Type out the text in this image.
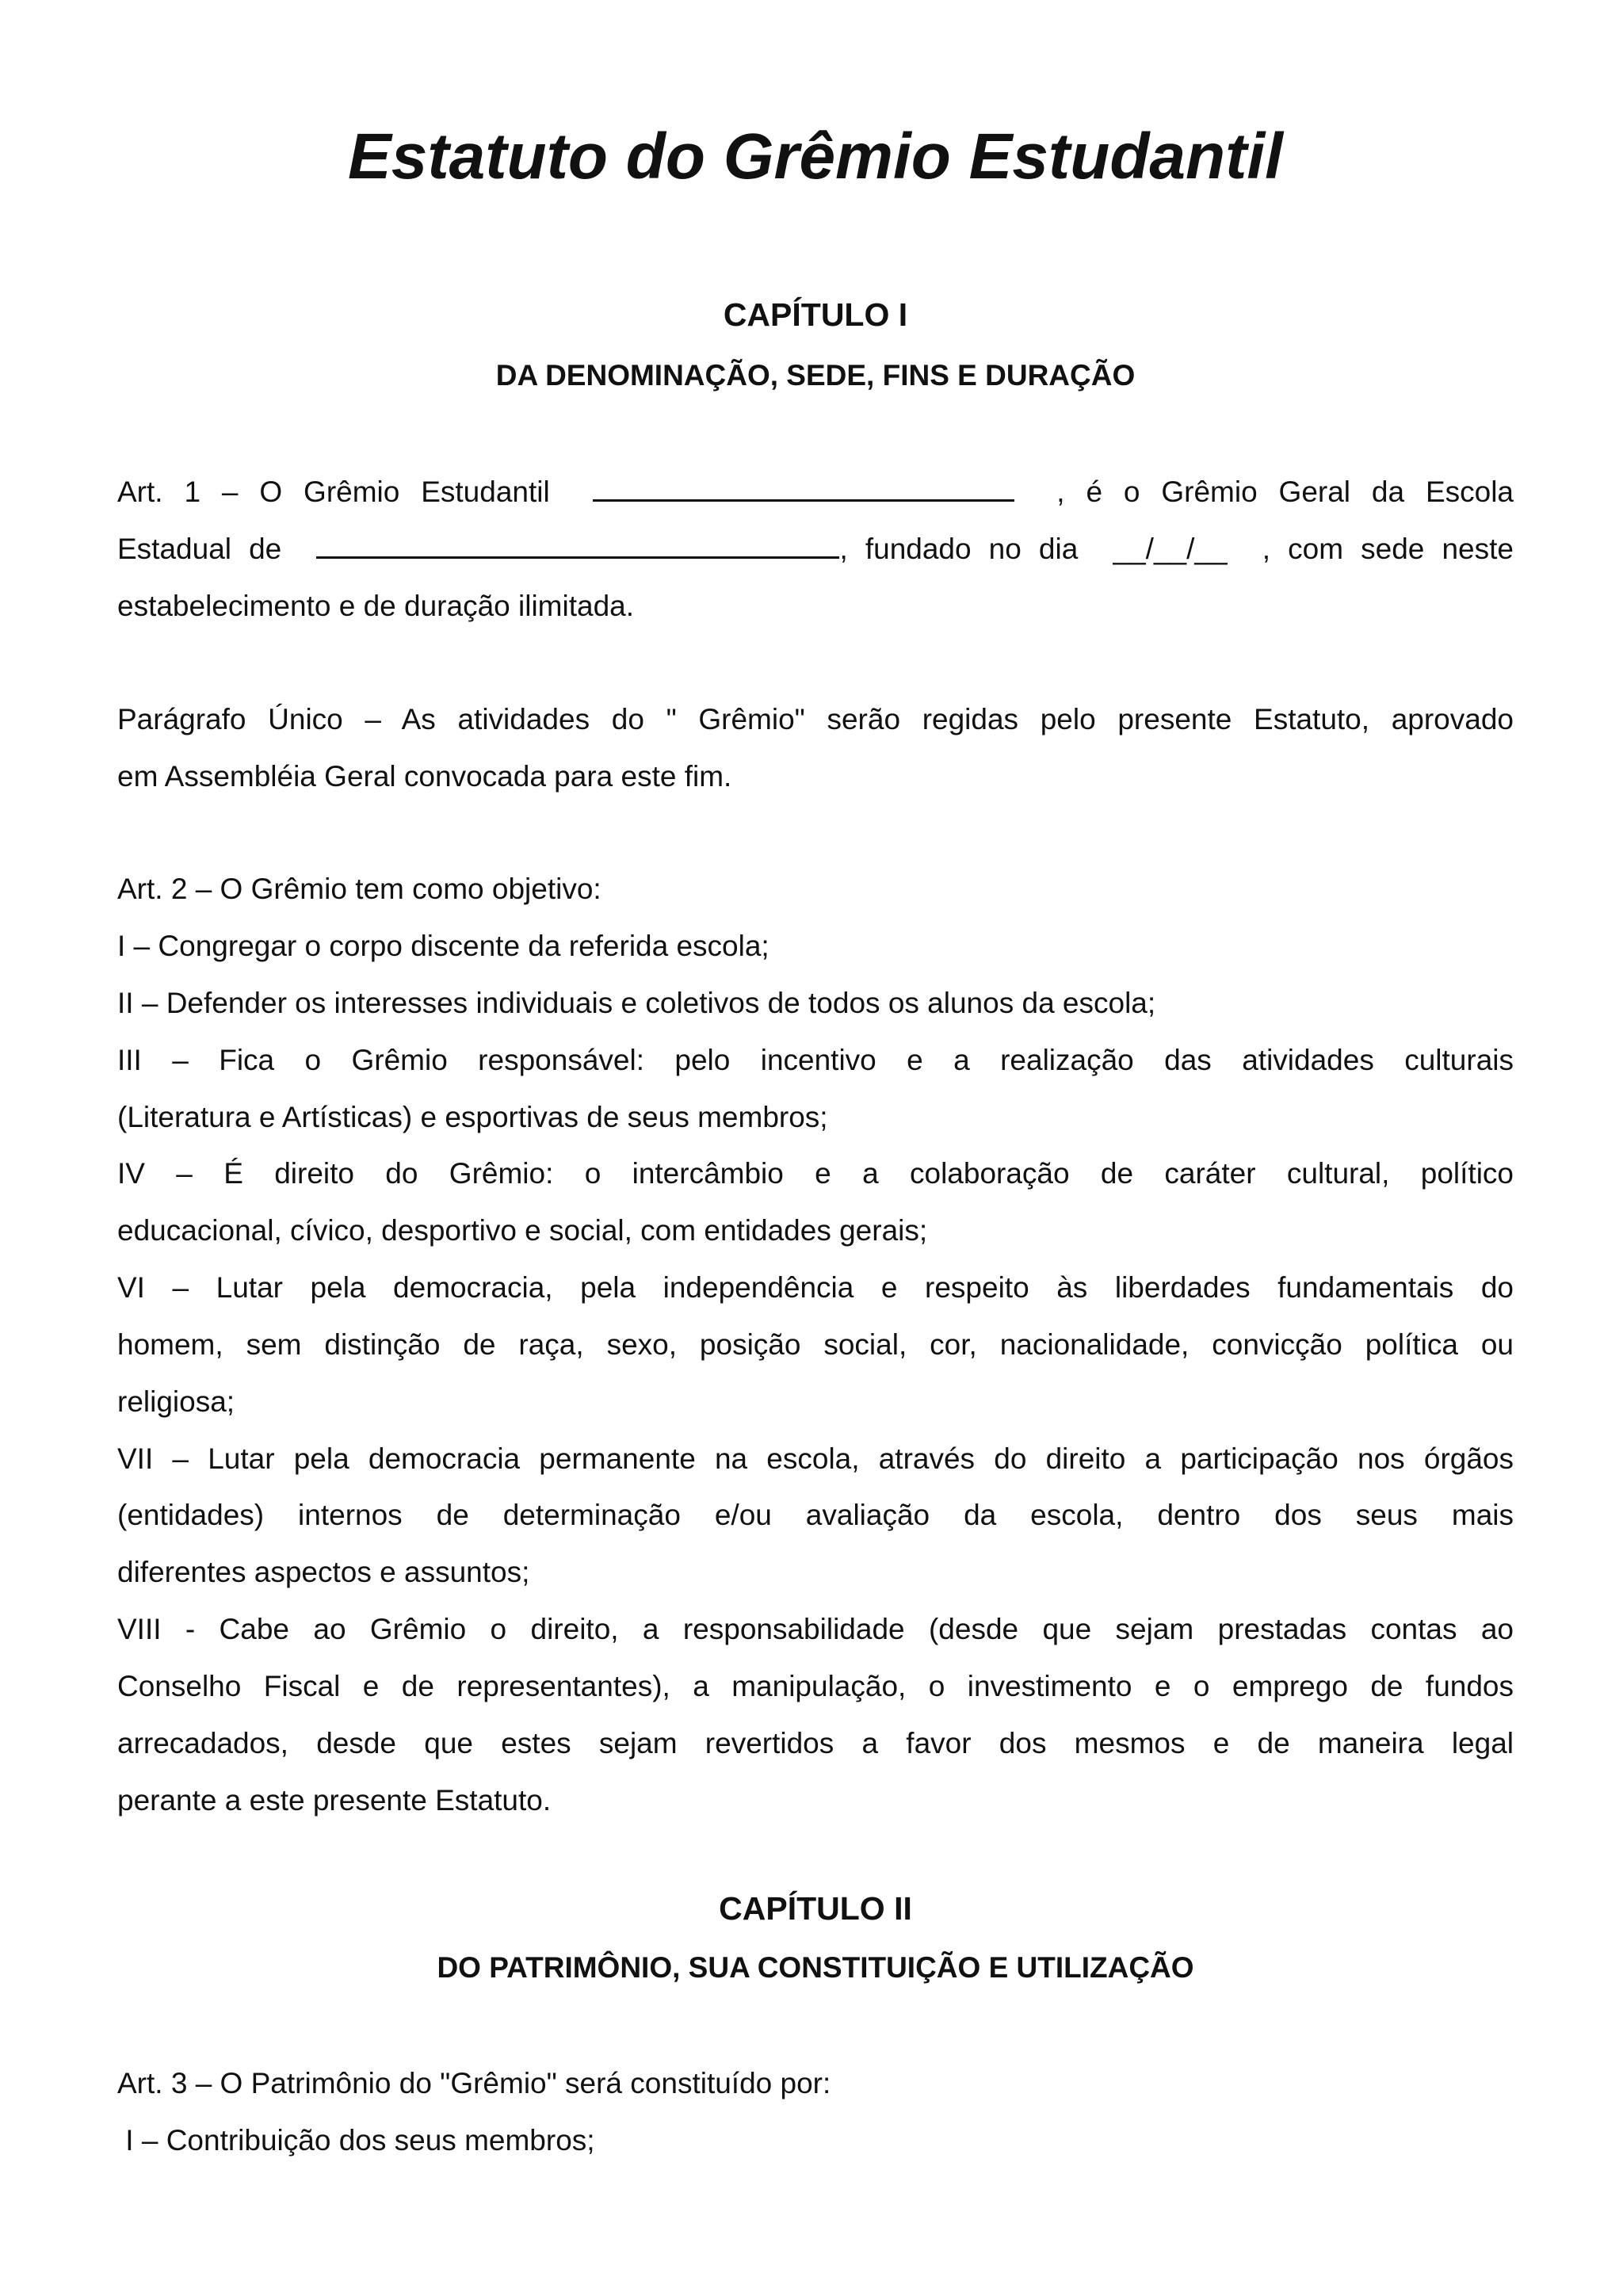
Estatuto do Grêmio Estudantil
CAPÍTULO I
DA DENOMINAÇÃO, SEDE, FINS E DURAÇÃO
Art. 1 – O Grêmio Estudantil	, é o Grêmio Geral da Escola
Estadual de	, fundado no dia __/__/__ , com sede neste
estabelecimento e de duração ilimitada.
Parágrafo Único – As atividades do " Grêmio" serão regidas pelo presente Estatuto, aprovado
em Assembléia Geral convocada para este fim.
Art. 2 – O Grêmio tem como objetivo:
I – Congregar o corpo discente da referida escola;
II – Defender os interesses individuais e coletivos de todos os alunos da escola;
III – Fica o Grêmio responsável: pelo incentivo e a realização das atividades culturais
(Literatura e Artísticas) e esportivas de seus membros;
IV – É direito do Grêmio: o intercâmbio e a colaboração de caráter cultural, político
educacional, cívico, desportivo e social, com entidades gerais;
VI – Lutar pela democracia, pela independência e respeito às liberdades fundamentais do
homem, sem distinção de raça, sexo, posição social, cor, nacionalidade, convicção política ou
religiosa;
VII – Lutar pela democracia permanente na escola, através do direito a participação nos órgãos
(entidades) internos de determinação e/ou avaliação da escola, dentro dos seus mais
diferentes aspectos e assuntos;
VIII - Cabe ao Grêmio o direito, a responsabilidade (desde que sejam prestadas contas ao
Conselho Fiscal e de representantes), a manipulação, o investimento e o emprego de fundos
arrecadados, desde que estes sejam revertidos a favor dos mesmos e de maneira legal
perante a este presente Estatuto.
CAPÍTULO II
DO PATRIMÔNIO, SUA CONSTITUIÇÃO E UTILIZAÇÃO
Art. 3 – O Patrimônio do "Grêmio" será constituído por:
I – Contribuição dos seus membros;
